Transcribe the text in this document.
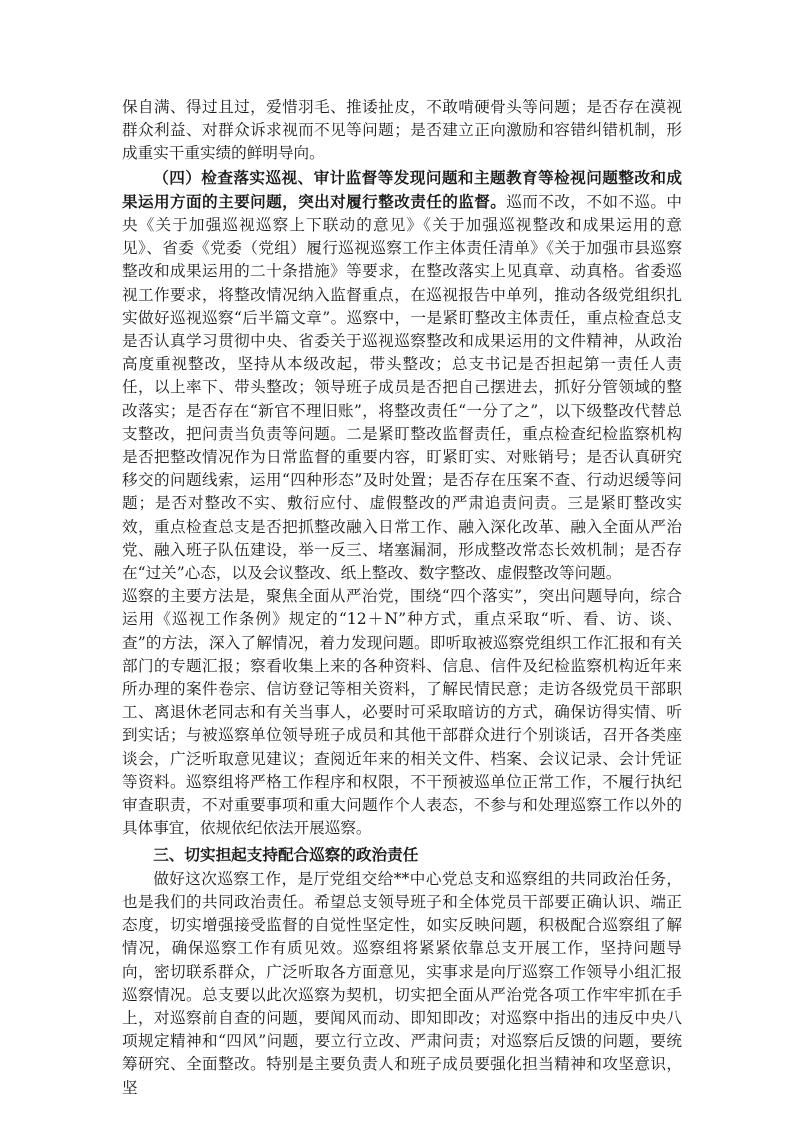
保自满、得过且过，爱惜羽毛、推诿扯皮，不敢啃硬骨头等问题；是否存在漠视群众利益、对群众诉求视而不见等问题；是否建立正向激励和容错纠错机制，形成重实干重实绩的鲜明导向。

（四）检查落实巡视、审计监督等发现问题和主题教育等检视问题整改和成果运用方面的主要问题，突出对履行整改责任的监督。巡而不改，不如不巡。中央《关于加强巡视巡察上下联动的意见》《关于加强巡视整改和成果运用的意见》、省委《党委（党组）履行巡视巡察工作主体责任清单》《关于加强市县巡察整改和成果运用的二十条措施》等要求，在整改落实上见真章、动真格。省委巡视工作要求，将整改情况纳入监督重点，在巡视报告中单列，推动各级党组织扎实做好巡视巡察“后半篇文章”。巡察中，一是紧盯整改主体责任，重点检查总支是否认真学习贯彻中央、省委关于巡视巡察整改和成果运用的文件精神，从政治高度重视整改，坚持从本级改起，带头整改；总支书记是否担起第一责任人责任，以上率下、带头整改；领导班子成员是否把自己摆进去，抓好分管领域的整改落实；是否存在“新官不理旧账”，将整改责任“一分了之”，以下级整改代替总支整改，把问责当负责等问题。二是紧盯整改监督责任，重点检查纪检监察机构是否把整改情况作为日常监督的重要内容，盯紧盯实、对账销号；是否认真研究移交的问题线索，运用“四种形态”及时处置；是否存在压案不查、行动迟缓等问题；是否对整改不实、敷衍应付、虚假整改的严肃追责问责。三是紧盯整改实效，重点检查总支是否把抓整改融入日常工作、融入深化改革、融入全面从严治党、融入班子队伍建设，举一反三、堵塞漏洞，形成整改常态长效机制；是否存在“过关”心态，以及会议整改、纸上整改、数字整改、虚假整改等问题。

巡察的主要方法是，聚焦全面从严治党，围绕“四个落实”，突出问题导向，综合运用《巡视工作条例》规定的“12＋N”种方式，重点采取“听、看、访、谈、查”的方法，深入了解情况，着力发现问题。即听取被巡察党组织工作汇报和有关部门的专题汇报；察看收集上来的各种资料、信息、信件及纪检监察机构近年来所办理的案件卷宗、信访登记等相关资料，了解民情民意；走访各级党员干部职工、离退休老同志和有关当事人，必要时可采取暗访的方式，确保访得实情、听到实话；与被巡察单位领导班子成员和其他干部群众进行个别谈话，召开各类座谈会，广泛听取意见建议；查阅近年来的相关文件、档案、会议记录、会计凭证等资料。巡察组将严格工作程序和权限，不干预被巡单位正常工作，不履行执纪审查职责，不对重要事项和重大问题作个人表态，不参与和处理巡察工作以外的具体事宜，依规依纪依法开展巡察。

三、切实担起支持配合巡察的政治责任

做好这次巡察工作，是厅党组交给**中心党总支和巡察组的共同政治任务，也是我们的共同政治责任。希望总支领导班子和全体党员干部要正确认识、端正态度，切实增强接受监督的自觉性坚定性，如实反映问题，积极配合巡察组了解情况，确保巡察工作有质见效。巡察组将紧紧依靠总支开展工作，坚持问题导向，密切联系群众，广泛听取各方面意见，实事求是向厅巡察工作领导小组汇报巡察情况。总支要以此次巡察为契机，切实把全面从严治党各项工作牢牢抓在手上，对巡察前自查的问题，要闻风而动、即知即改；对巡察中指出的违反中央八项规定精神和“四风”问题，要立行立改、严肃问责；对巡察后反馈的问题，要统筹研究、全面整改。特别是主要负责人和班子成员要强化担当精神和攻坚意识，坚
